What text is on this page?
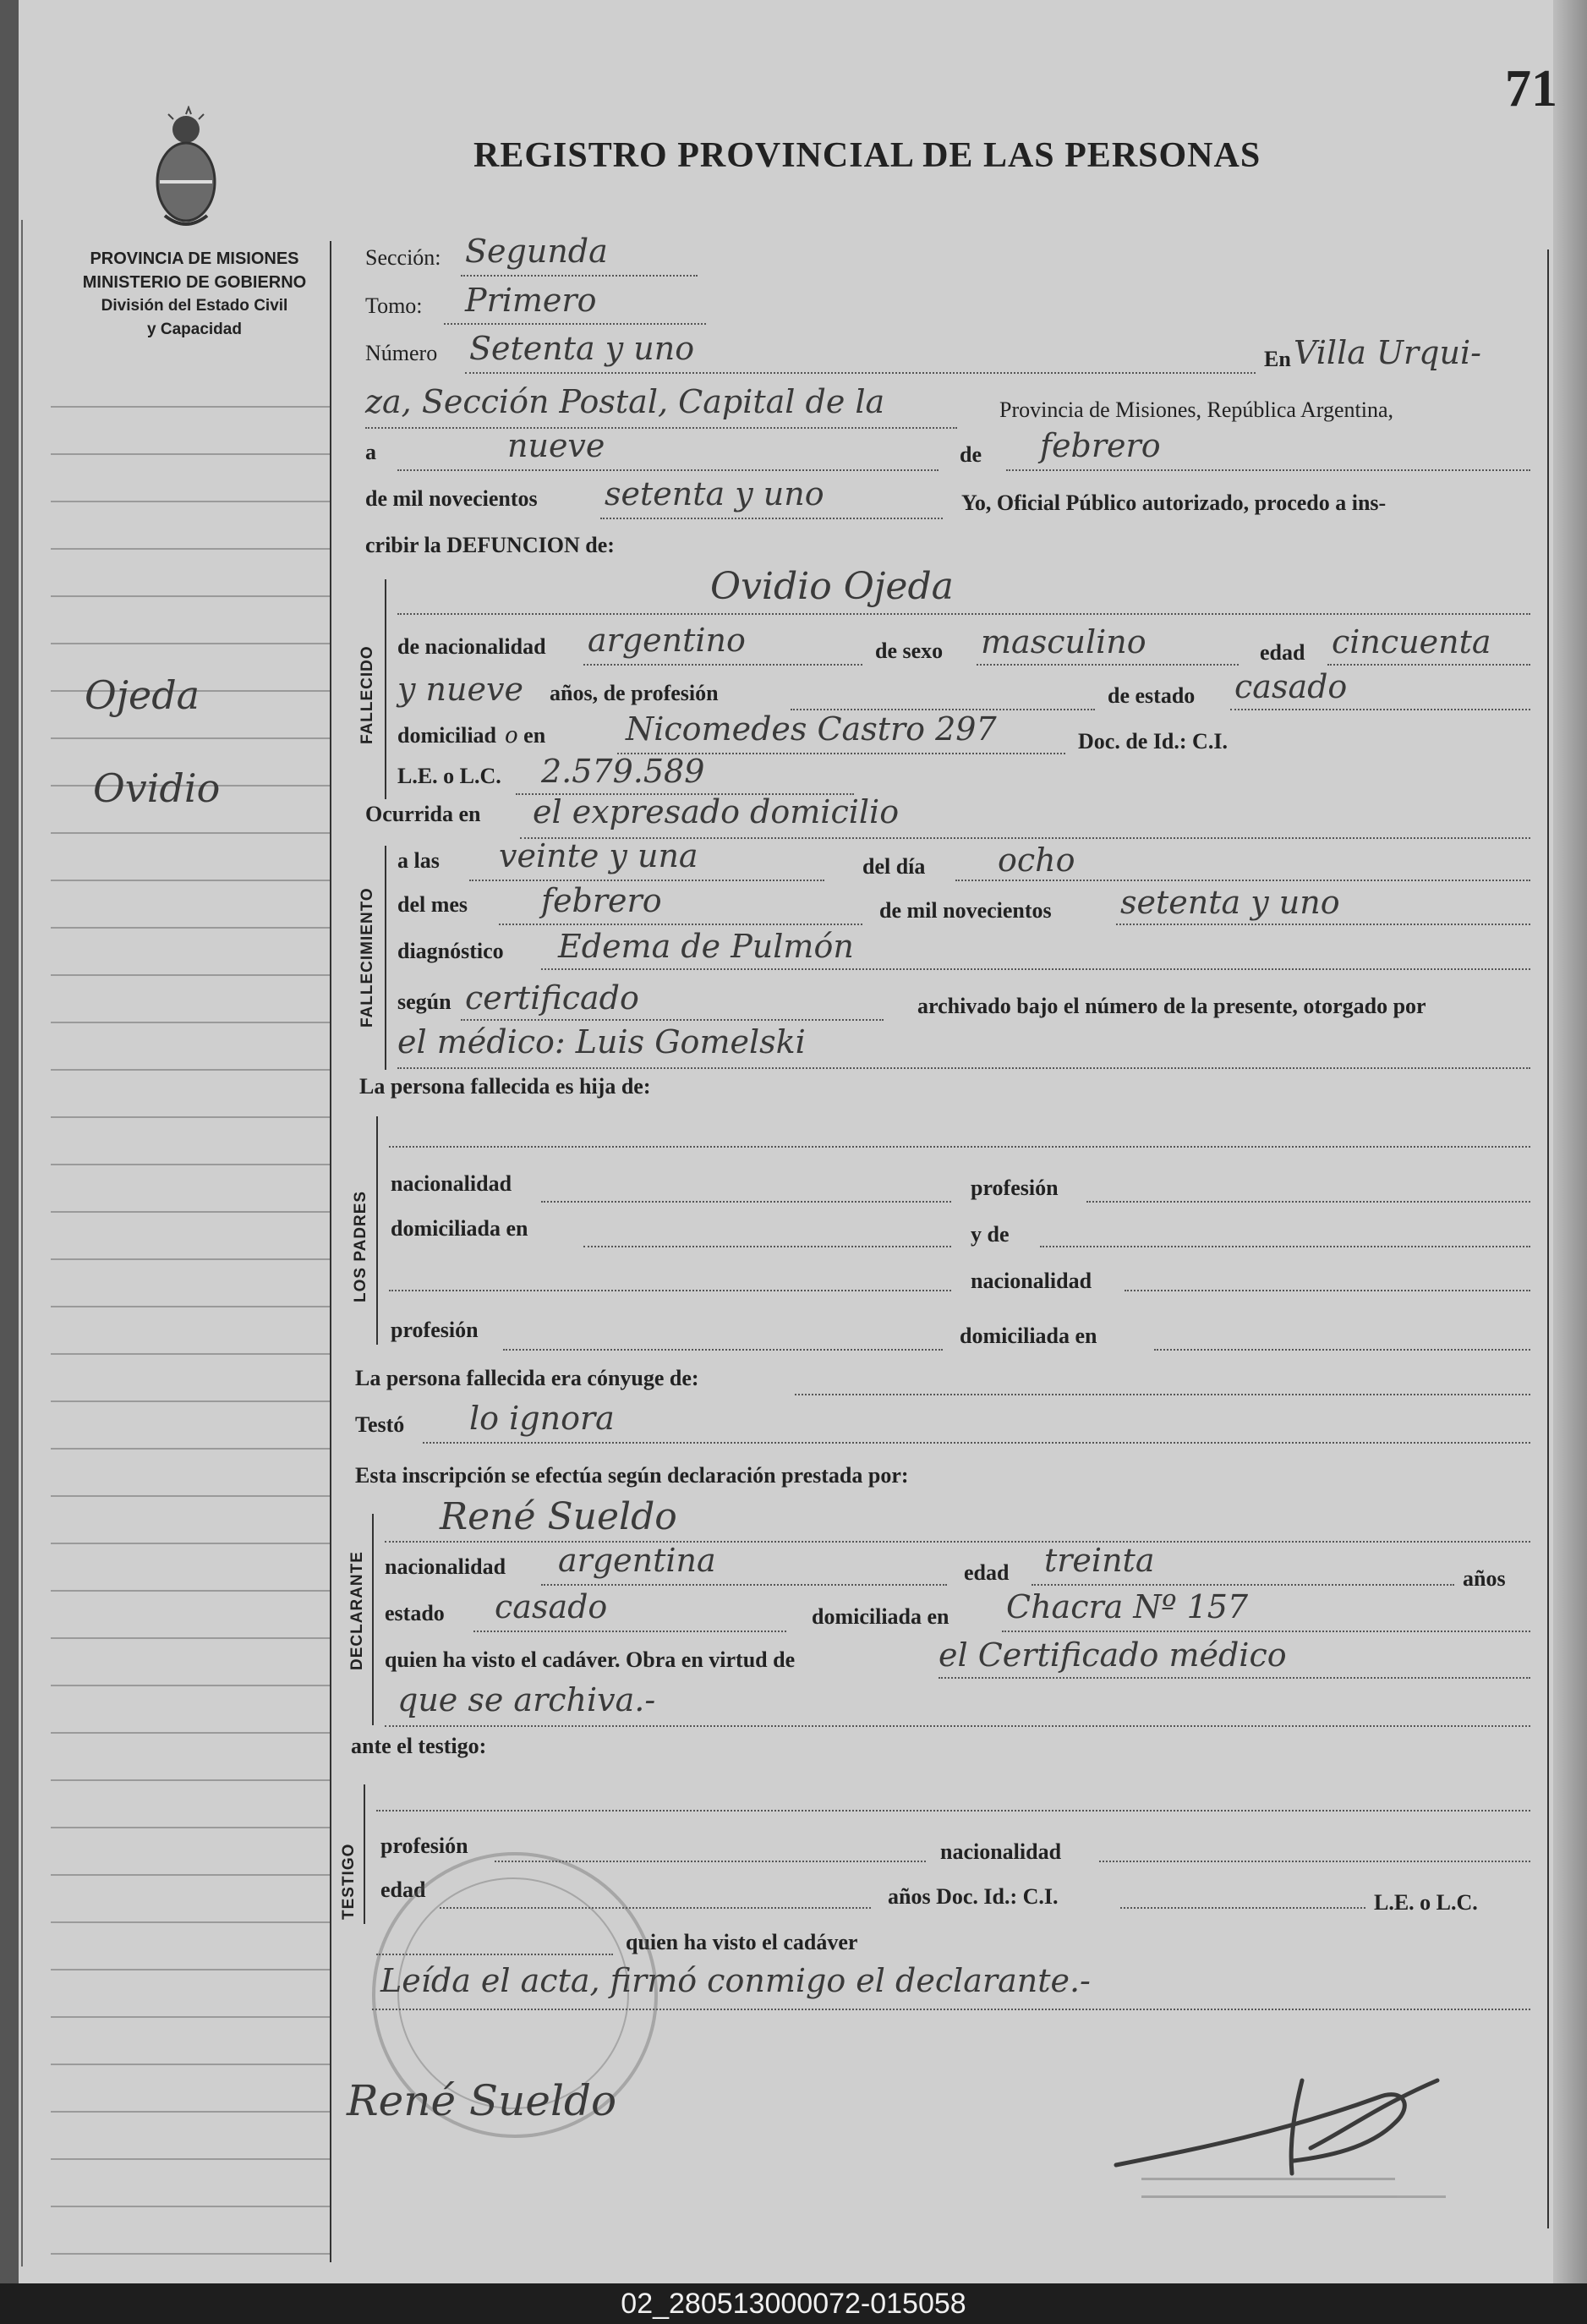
71
REGISTRO PROVINCIAL DE LAS PERSONAS
PROVINCIA DE MISIONES
MINISTERIO DE GOBIERNO
División del Estado Civil
y Capacidad
Ojeda
Ovidio
Sección: Segunda
Tomo: Primero
Número Setenta y uno	En Villa Urqui-
za, Sección Postal, Capital de la	Provincia de Misiones, República Argentina,
a	nueve	de febrero
de mil novecientos setenta y uno	Yo, Oficial Público autorizado, procedo a ins-
cribir la DEFUNCION de:
FALLECIDO
Ovidio Ojeda
de nacionalidad argentino	de sexo masculino	edad cincuenta
y nueve años, de profesión	de estado casado
domiciliad o en Nicomedes Castro 297	Doc. de Id.: C.I.
L.E. o L.C. 2.579.589
Ocurrida en el expresado domicilio
FALLECIMIENTO
a las veinte y una	del día ocho
del mes febrero	de mil novecientos setenta y uno
diagnóstico Edema de Pulmón
según certificado	archivado bajo el número de la presente, otorgado por
el médico: Luis Gomelski
La persona fallecida es hija de:
LOS PADRES
nacionalidad	profesión
domiciliada en	y de
nacionalidad
profesión	domiciliada en
La persona fallecida era cónyuge de:
Testó lo ignora
Esta inscripción se efectúa según declaración prestada por:
DECLARANTE
René Sueldo
nacionalidad argentina	edad treinta	años
estado casado	domiciliada en Chacra Nº 157
quien ha visto el cadáver. Obra en virtud de	el Certificado médico
que se archiva.-
ante el testigo:
TESTIGO profesión	nacionalidad
edad	años Doc. Id.: C.I.	L.E. o L.C.
quien ha visto el cadáver
Leída el acta, firmó conmigo el declarante.-
René Sueldo
02_280513000072-015058
